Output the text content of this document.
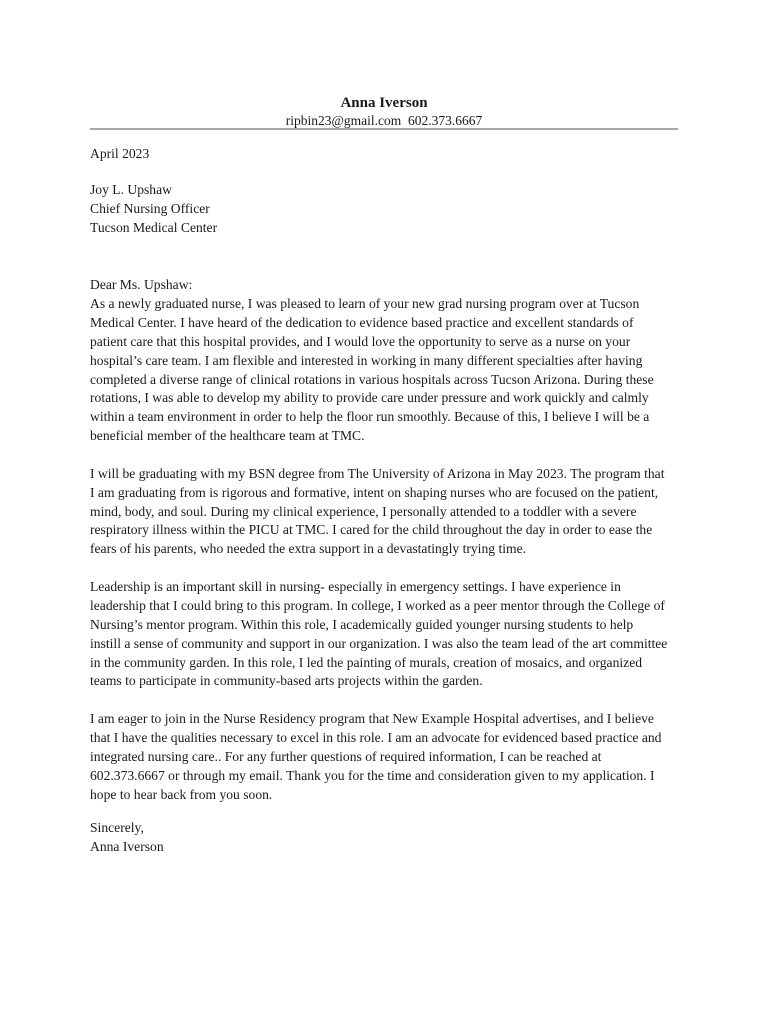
Anna Iverson
ripbin23@gmail.com  602.373.6667
April 2023
Joy L. Upshaw
Chief Nursing Officer
Tucson Medical Center
Dear Ms. Upshaw:

As a newly graduated nurse, I was pleased to learn of your new grad nursing program over at Tucson
Medical Center. I have heard of the dedication to evidence based practice and excellent standards of
patient care that this hospital provides, and I would love the opportunity to serve as a nurse on your
hospital’s care team. I am flexible and interested in working in many different specialties after having
completed a diverse range of clinical rotations in various hospitals across Tucson Arizona. During these
rotations, I was able to develop my ability to provide care under pressure and work quickly and calmly
within a team environment in order to help the floor run smoothly. Because of this, I believe I will be a
beneficial member of the healthcare team at TMC.

I will be graduating with my BSN degree from The University of Arizona in May 2023. The program that
I am graduating from is rigorous and formative, intent on shaping nurses who are focused on the patient,
mind, body, and soul. During my clinical experience, I personally attended to a toddler with a severe
respiratory illness within the PICU at TMC. I cared for the child throughout the day in order to ease the
fears of his parents, who needed the extra support in a devastatingly trying time.

Leadership is an important skill in nursing- especially in emergency settings. I have experience in
leadership that I could bring to this program. In college, I worked as a peer mentor through the College of
Nursing’s mentor program. Within this role, I academically guided younger nursing students to help
instill a sense of community and support in our organization. I was also the team lead of the art committee
in the community garden. In this role, I led the painting of murals, creation of mosaics, and organized
teams to participate in community-based arts projects within the garden.

I am eager to join in the Nurse Residency program that New Example Hospital advertises, and I believe
that I have the qualities necessary to excel in this role. I am an advocate for evidenced based practice and
integrated nursing care.. For any further questions of required information, I can be reached at
602.373.6667 or through my email. Thank you for the time and consideration given to my application. I
hope to hear back from you soon.

Sincerely,
Anna Iverson
